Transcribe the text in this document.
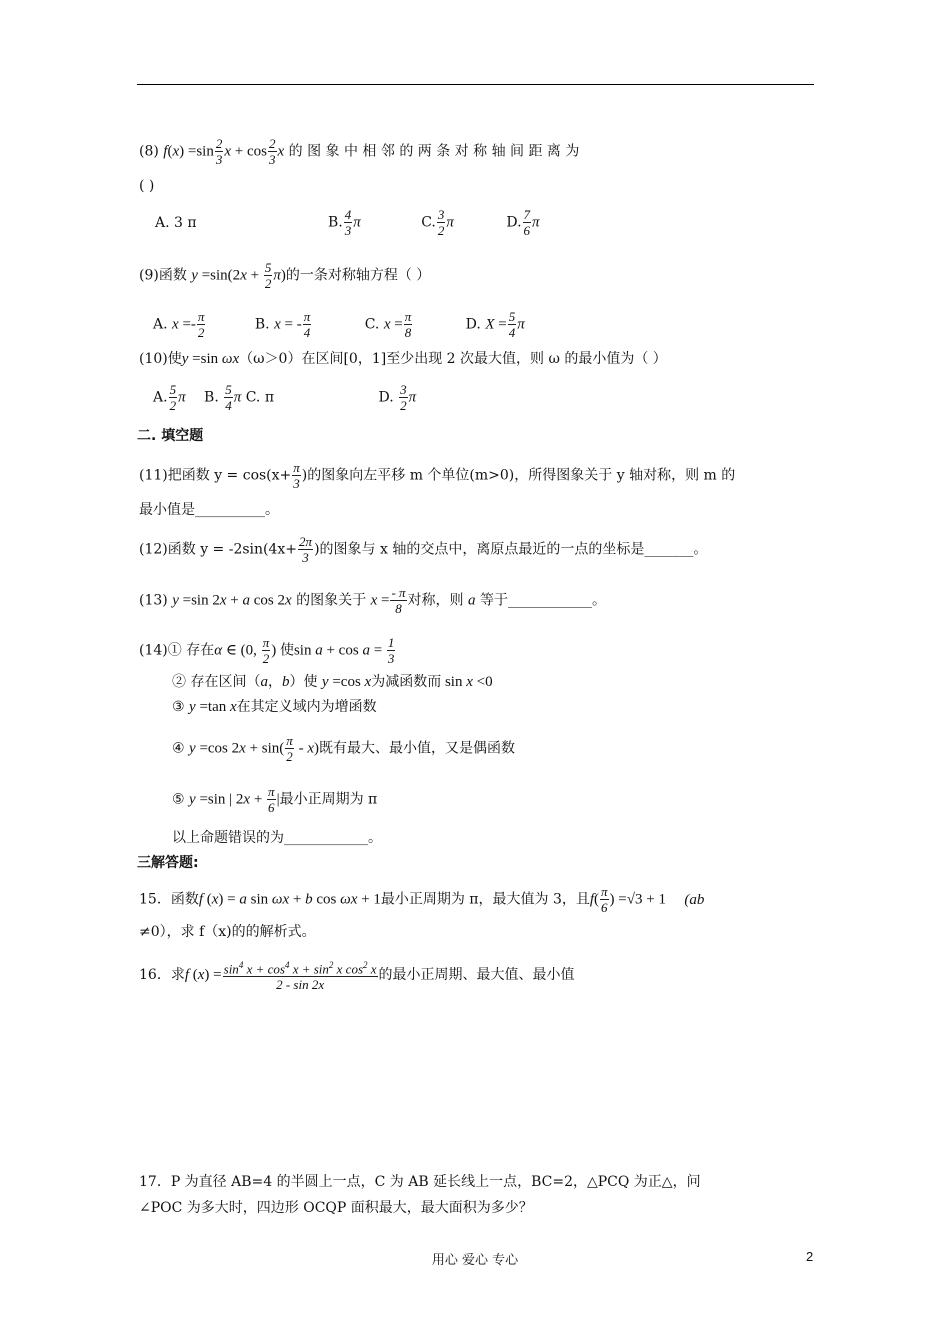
(8) $f(x) =\sin \frac{2}{3}$ $x + \cos \frac{2}{3}$ x 的 图 象 中 相 邻 的 两 条 对 称 轴 间 距 离 为
( )
A. 3 π	B. $\frac{4}{3}$ π	C. $\frac{3}{2}$ π	D. $\frac{7}{6}$ π
(9)函数 $y =\sin(2x + \frac{5}{2} \pi)$的一条对称轴方程（ ）
A. $x =- \frac{\pi}{2}$	B. x = - $\frac{\pi}{4}$	C. $x = \frac{\pi}{8}$	D. $X = \frac{5}{4}$ π
(10)使y =sin ωx（ω＞0）在区间[0，1]至少出现 2 次最大值，则 ω 的最小值为（ ）
A. $\frac{5}{2}$ π B. $\frac{5}{4}$ π C. π	D. $\frac{3}{2}$ π
二. 填空题
(11)把函数 $y = \cos(x+ \frac{\pi}{3}$ )的图象向左平移 m 个单位(m>0)，所得图象关于 y 轴对称，则 m 的
最小值是__________。
(12)函数 $y = -2\sin(4x+ \frac{2\pi}{3}$ )的图象与 x 轴的交点中，离原点最近的一点的坐标是_______。
(13) y =sin 2x + a cos 2x 的图象关于 $x = \frac{- \pi}{8}$ 对称，则 a 等于____________。
(14)① 存在α ∈ (0, $\frac{\pi}{2}$ ) 使$\sin a + \cos a = \frac{1}{3}$
② 存在区间（a，b）使 y =cos x为减函数而 sin x <0
③ y =tan x在其定义域内为增函数
④ y =cos $2x + \sin( \frac{\pi}{2} - x)$既有最大、最小值，又是偶函数
⑤ y =sin | $2x + \frac{\pi}{6}$ |最小正周期为 π
以上命题错误的为____________。
三解答题:
15．函数f (x) = a sin ωx + b cos ωx + 1最小正周期为 π，最大值为 3，且$f( \frac{\pi}{6}$ ) =√3 + 1 (ab
≠0），求 f（x)的的解析式。
16．求f $(x) = \frac{\sin^4 x + \cos^4 x + \sin^2 x \cos^2 x}{2 - \sin 2x}$ 的最小正周期、最大值、最小值
17．P 为直径 AB=4 的半圆上一点，C 为 AB 延长线上一点，BC=2，△PCQ 为正△，问
∠POC 为多大时，四边形 OCQP 面积最大，最大面积为多少？
用心 爱心 专心	2
